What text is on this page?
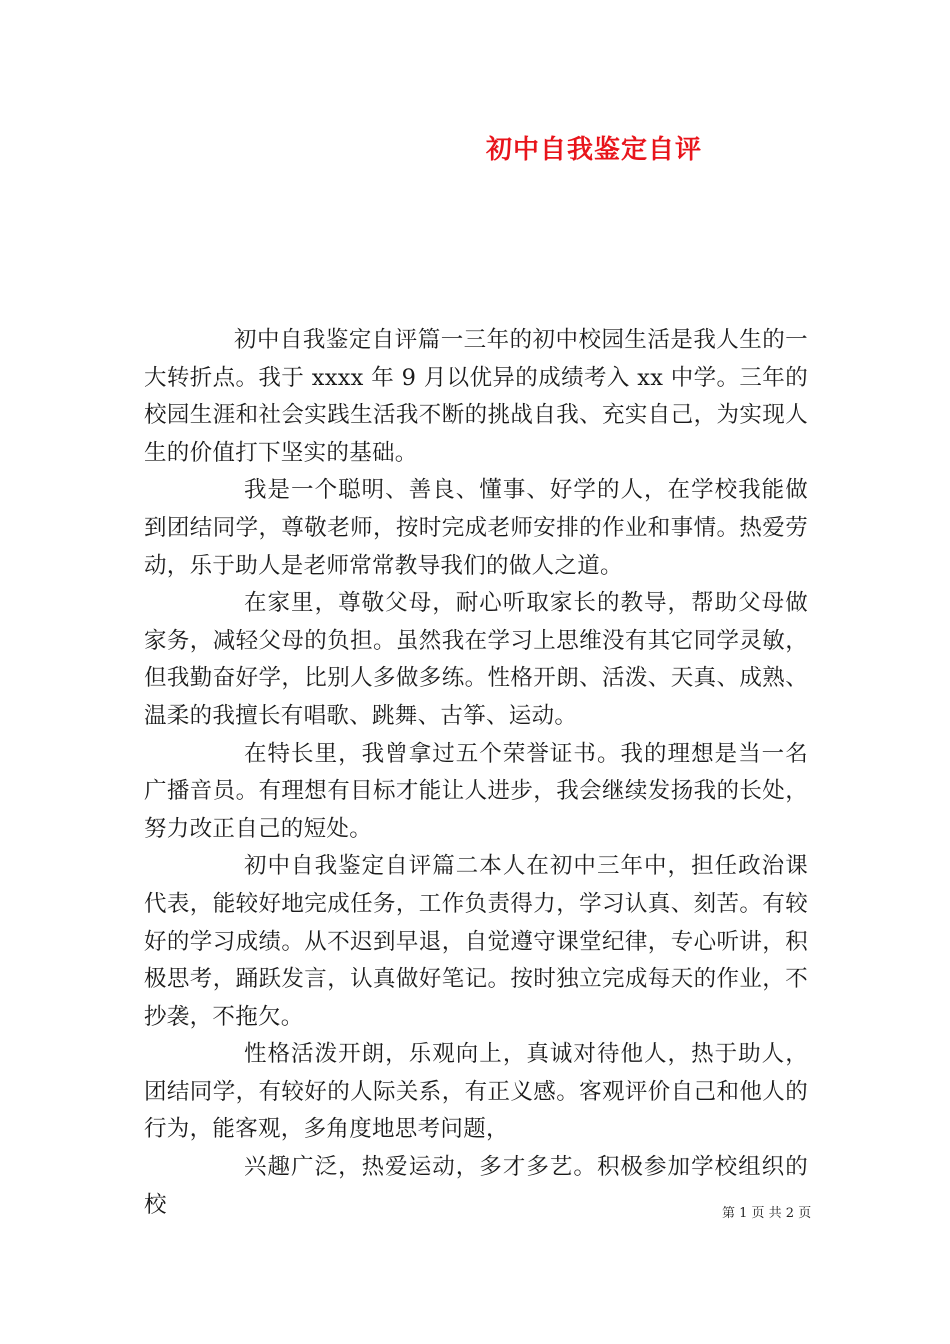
初中自我鉴定自评

初中自我鉴定自评篇一三年的初中校园生活是我人生的一大转折点。我于 xxxx 年 9 月以优异的成绩考入 xx 中学。三年的校园生涯和社会实践生活我不断的挑战自我、充实自己，为实现人生的价值打下坚实的基础。

我是一个聪明、善良、懂事、好学的人，在学校我能做到团结同学，尊敬老师，按时完成老师安排的作业和事情。热爱劳动，乐于助人是老师常常教导我们的做人之道。

在家里，尊敬父母，耐心听取家长的教导，帮助父母做家务，减轻父母的负担。虽然我在学习上思维没有其它同学灵敏，但我勤奋好学，比别人多做多练。性格开朗、活泼、天真、成熟、温柔的我擅长有唱歌、跳舞、古筝、运动。

在特长里，我曾拿过五个荣誉证书。我的理想是当一名广播音员。有理想有目标才能让人进步，我会继续发扬我的长处，努力改正自己的短处。

初中自我鉴定自评篇二本人在初中三年中，担任政治课代表，能较好地完成任务，工作负责得力，学习认真、刻苦。有较好的学习成绩。从不迟到早退，自觉遵守课堂纪律，专心听讲，积极思考，踊跃发言，认真做好笔记。按时独立完成每天的作业，不抄袭，不拖欠。

性格活泼开朗，乐观向上，真诚对待他人，热于助人，团结同学，有较好的人际关系，有正义感。客观评价自己和他人的行为，能客观，多角度地思考问题，

兴趣广泛，热爱运动，多才多艺。积极参加学校组织的校	第 1 页 共 2 页
